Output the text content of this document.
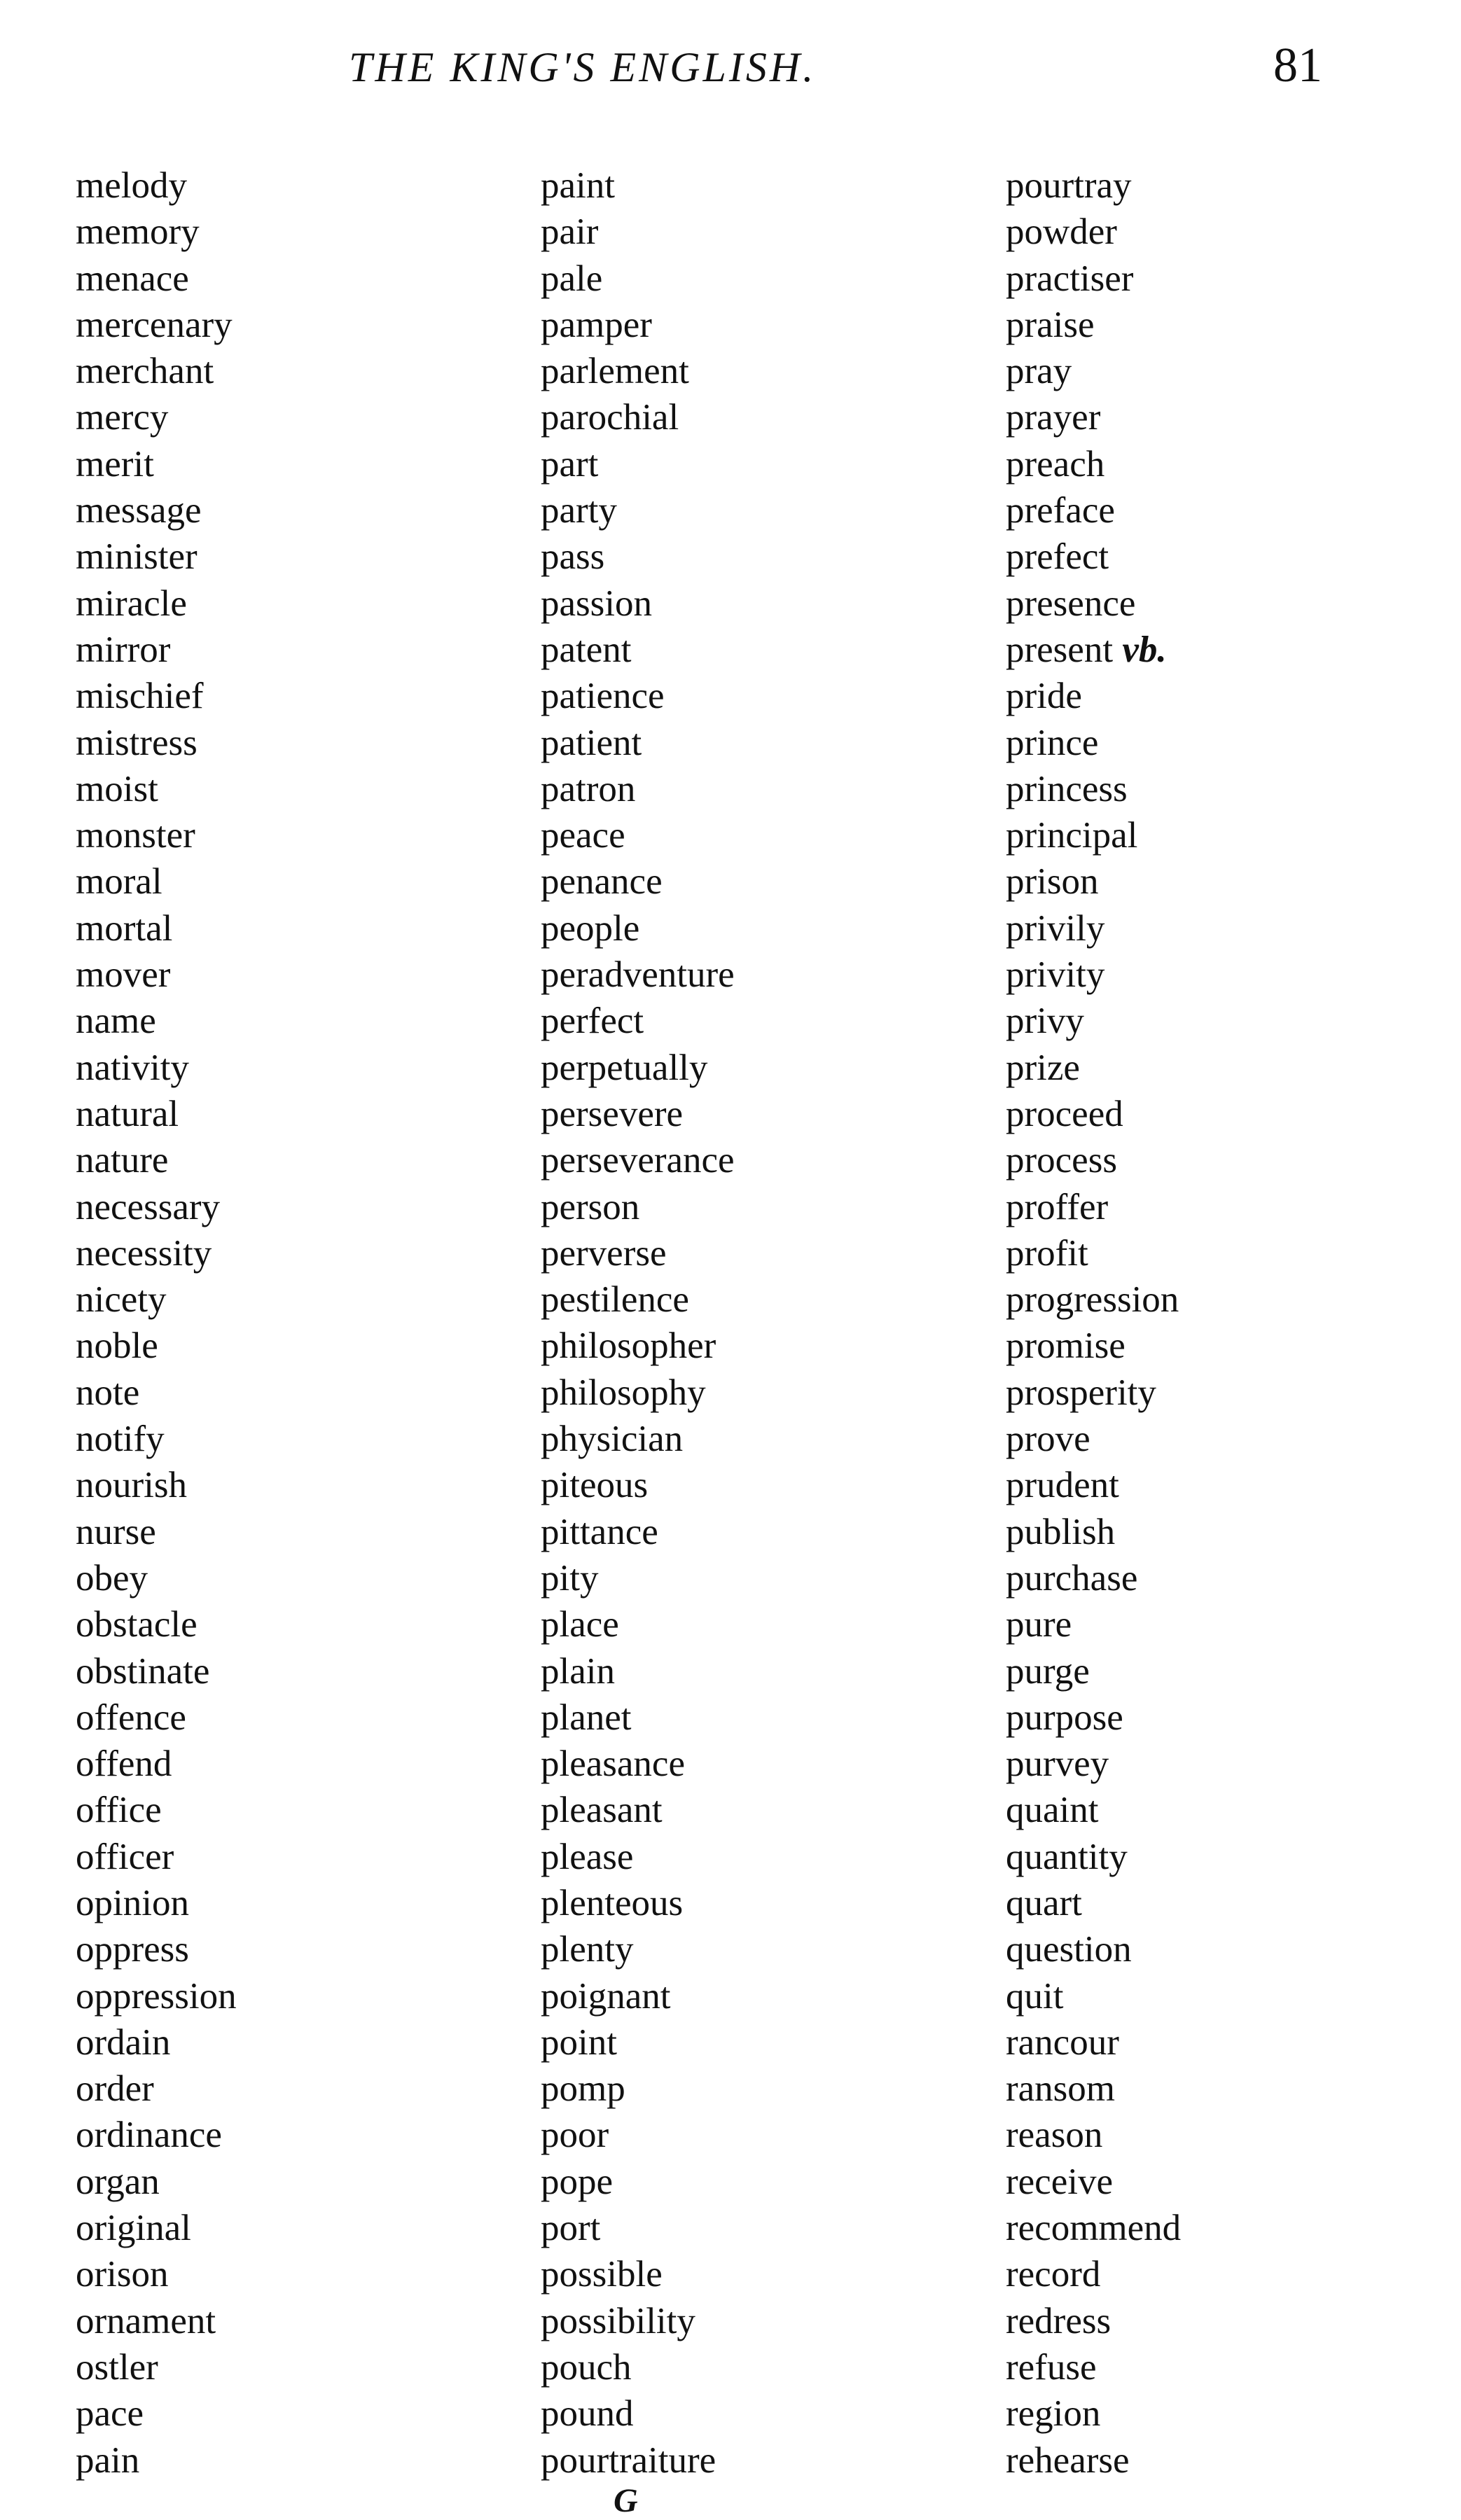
THE KING'S ENGLISH.	81
melody
memory
menace
mercenary
merchant
mercy
merit
message
minister
miracle
mirror
mischief
mistress
moist
monster
moral
mortal
mover
name
nativity
natural
nature
necessary
necessity
nicety
noble
note
notify
nourish
nurse
obey
obstacle
obstinate
offence
offend
office
officer
opinion
oppress
oppression
ordain
order
ordinance
organ
original
orison
ornament
ostler
pace
pain
paint
pair
pale
pamper
parlement
parochial
part
party
pass
passion
patent
patience
patient
patron
peace
penance
people
peradventure
perfect
perpetually
persevere
perseverance
person
perverse
pestilence
philosopher
philosophy
physician
piteous
pittance
pity
place
plain
planet
pleasance
pleasant
please
plenteous
plenty
poignant
point
pomp
poor
pope
port
possible
possibility
pouch
pound
pourtraiture
pourtray
powder
practiser
praise
pray
prayer
preach
preface
prefect
presence
present vb.
pride
prince
princess
principal
prison
privily
privity
privy
prize
proceed
process
proffer
profit
progression
promise
prosperity
prove
prudent
publish
purchase
pure
purge
purpose
purvey
quaint
quantity
quart
question
quit
rancour
ransom
reason
receive
recommend
record
redress
refuse
region
rehearse
G
